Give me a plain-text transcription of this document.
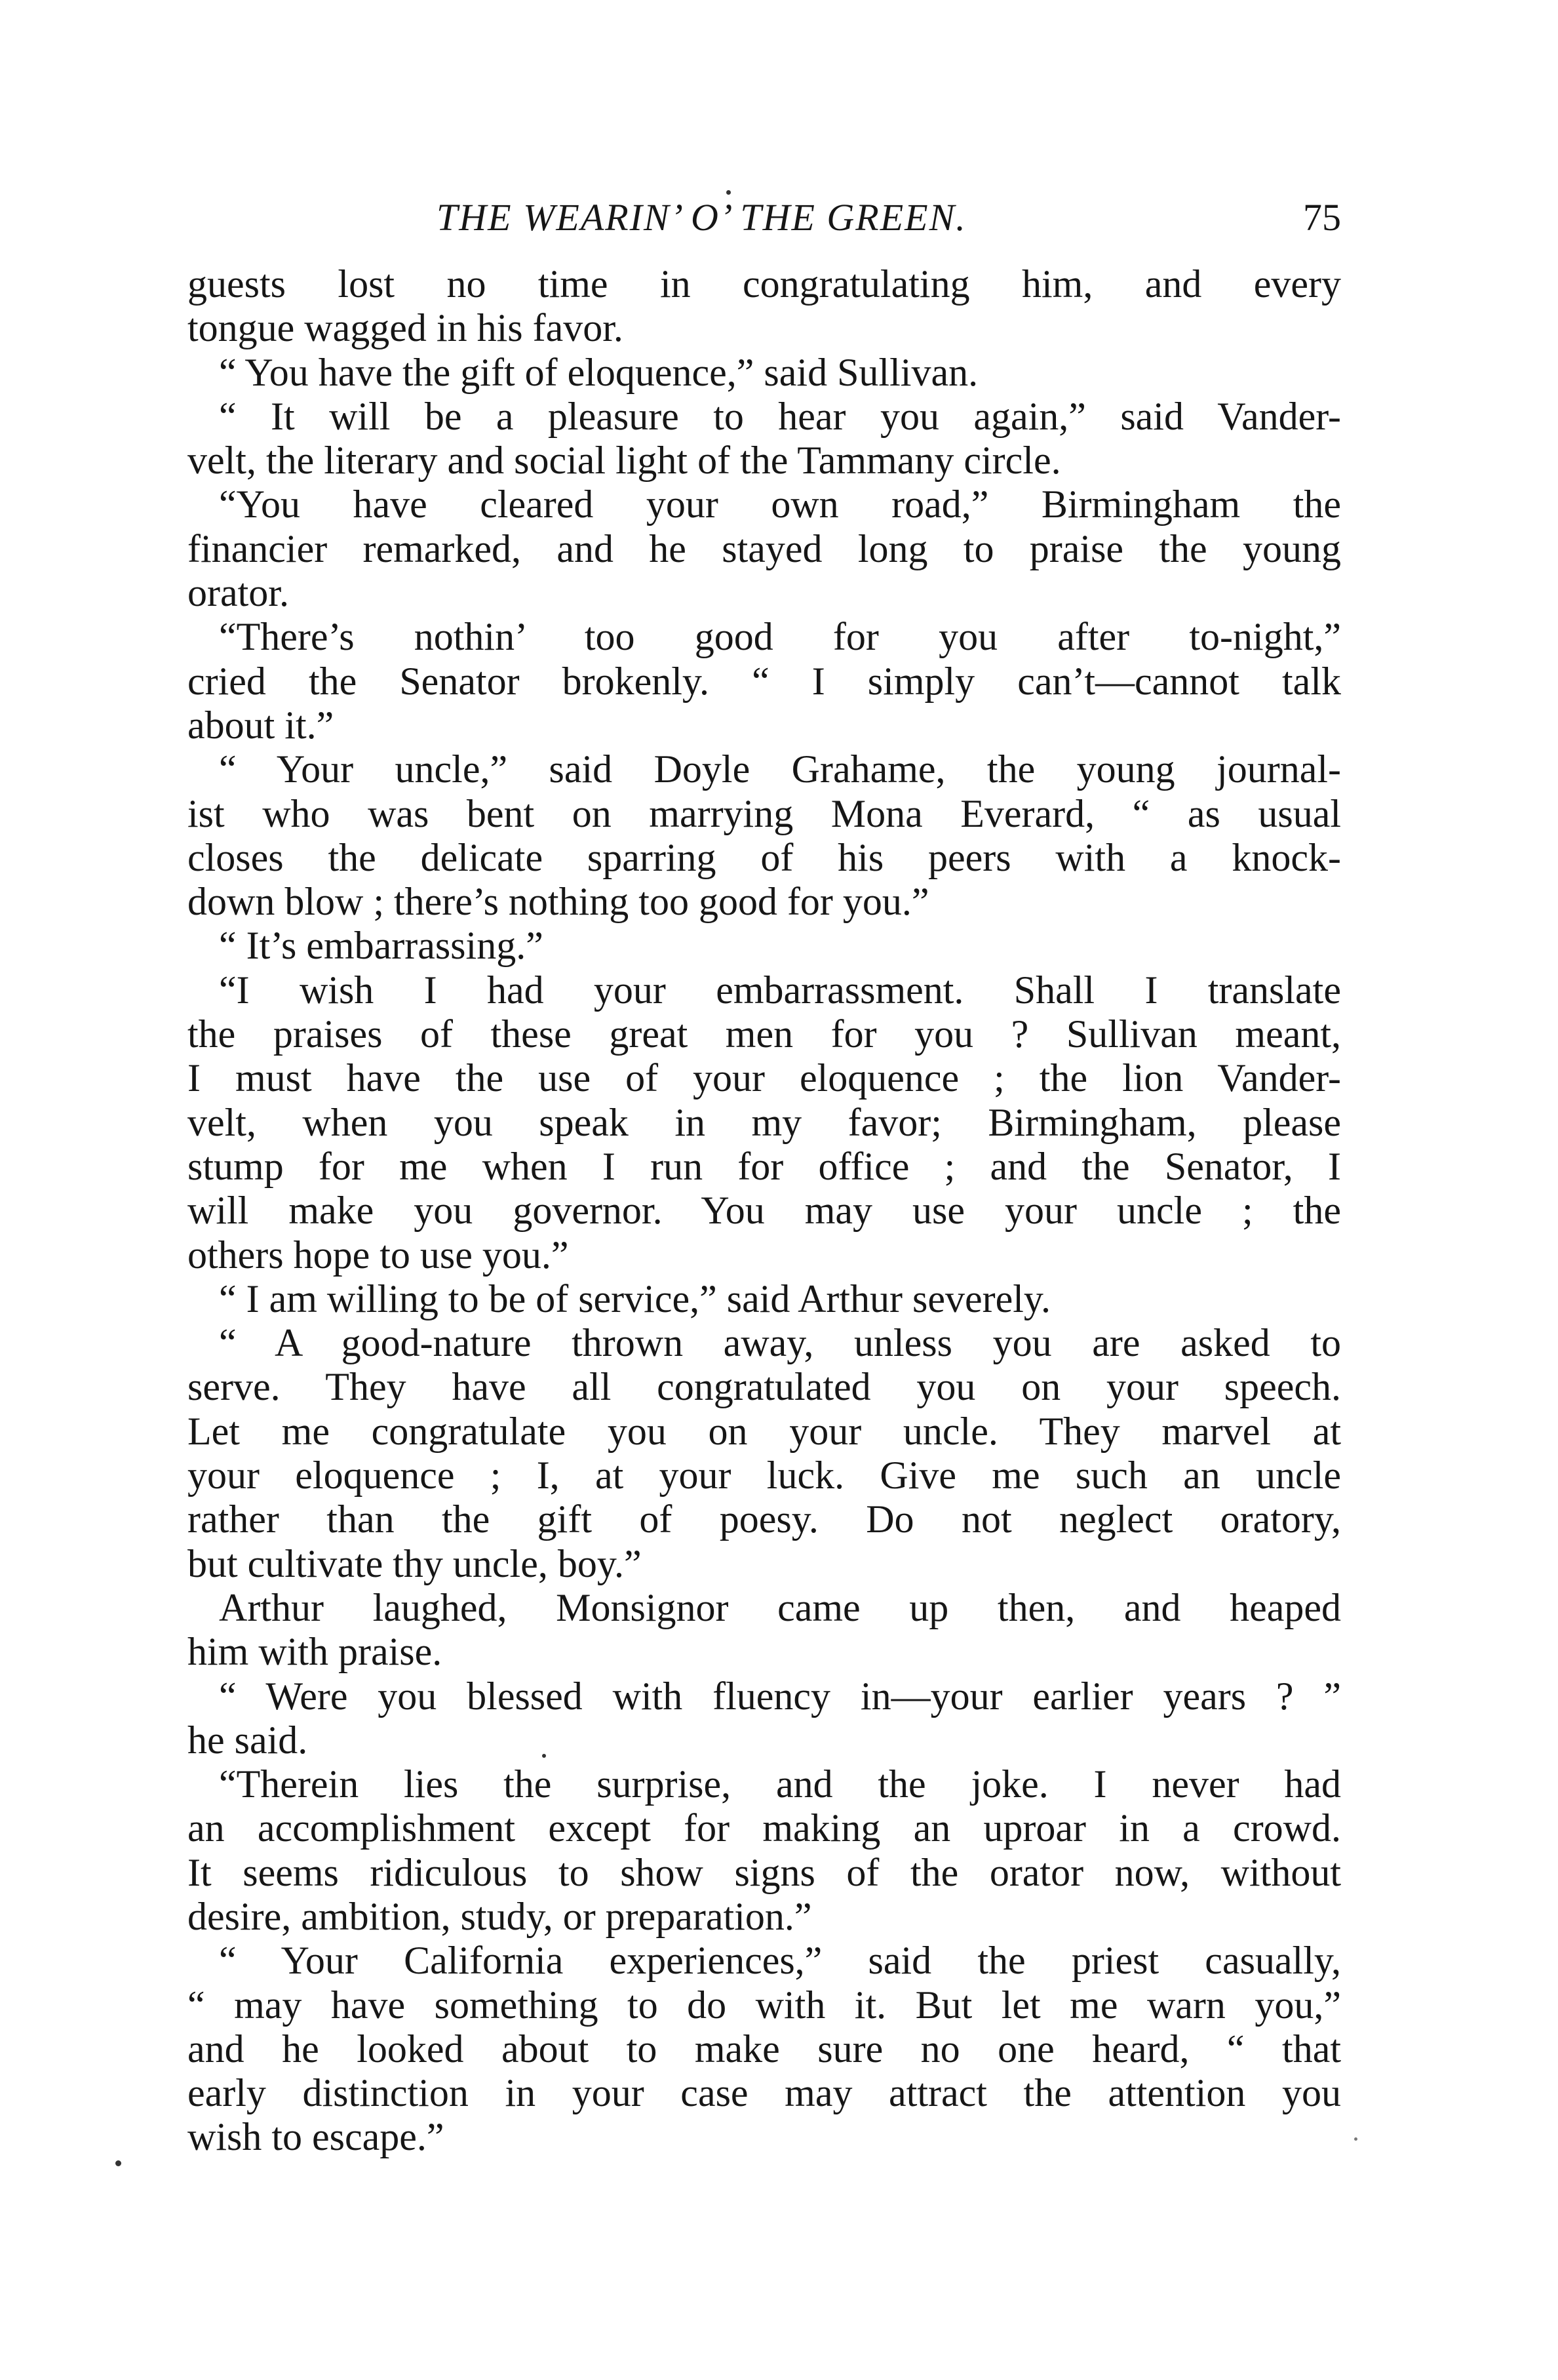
THE WEARIN’ O’ THE GREEN.	75
guests lost no time in congratulating him, and every
tongue wagged in his favor.
“ You have the gift of eloquence,” said Sullivan.
“ It will be a pleasure to hear you again,” said Vander-
velt, the literary and social light of the Tammany circle.
“You have cleared your own road,” Birmingham the
financier remarked, and he stayed long to praise the young
orator.
“There’s nothin’ too good for you after to-night,”
cried the Senator brokenly. “ I simply can’t—cannot talk
about it.”
“ Your uncle,” said Doyle Grahame, the young journal-
ist who was bent on marrying Mona Everard, “ as usual
closes the delicate sparring of his peers with a knock-
down blow ; there’s nothing too good for you.”
“ It’s embarrassing.”
“I wish I had your embarrassment. Shall I translate
the praises of these great men for you ? Sullivan meant,
I must have the use of your eloquence ; the lion Vander-
velt, when you speak in my favor; Birmingham, please
stump for me when I run for office ; and the Senator, I
will make you governor. You may use your uncle ; the
others hope to use you.”
“ I am willing to be of service,” said Arthur severely.
“ A good-nature thrown away, unless you are asked to
serve. They have all congratulated you on your speech.
Let me congratulate you on your uncle. They marvel at
your eloquence ; I, at your luck. Give me such an uncle
rather than the gift of poesy. Do not neglect oratory,
but cultivate thy uncle, boy.”
Arthur laughed, Monsignor came up then, and heaped
him with praise.
“ Were you blessed with fluency in—your earlier years ? ”
he said.
“Therein lies the surprise, and the joke. I never had
an accomplishment except for making an uproar in a crowd.
It seems ridiculous to show signs of the orator now, without
desire, ambition, study, or preparation.”
“ Your California experiences,” said the priest casually,
“ may have something to do with it. But let me warn you,”
and he looked about to make sure no one heard, “ that
early distinction in your case may attract the attention you
wish to escape.”
